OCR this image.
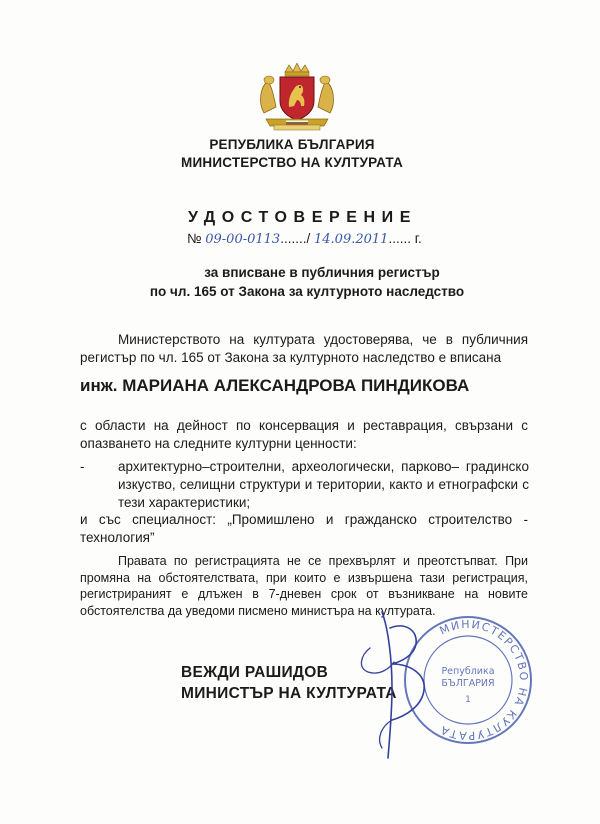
РЕПУБЛИКА БЪЛГАРИЯ
МИНИСТЕРСТВО НА КУЛТУРАТА
УДОСТОВЕРЕНИЕ
№ 09-00-0113......./ 14.09.2011...... г.
за вписване в публичния регистър
по чл. 165 от Закона за културното наследство
Министерството на културата удостоверява, че в публичния регистър по чл. 165 от Закона за културното наследство е вписана
инж. МАРИАНА АЛЕКСАНДРОВА ПИНДИКОВА
с области на дейност по консервация и реставрация, свързани с опазването на следните културни ценности:
- архитектурно–строителни, археологически, парково– градинско изкуство, селищни структури и територии, както и етнографски с тези характеристики;
и със специалност: „Промишлено и гражданско строителство - технология”
Правата по регистрацията не се прехвърлят и преотстъпват. При промяна на обстоятелствата, при които е извършена тази регистрация, регистрираният е длъжен в 7-дневен срок от възникване на новите обстоятелства да уведоми писмено министъра на културата.
ВЕЖДИ РАШИДОВ
МИНИСТЪР НА КУЛТУРАТА
МИНИСТЕРСТВО НА КУЛТУРАТА
Република
БЪЛГАРИЯ
1
